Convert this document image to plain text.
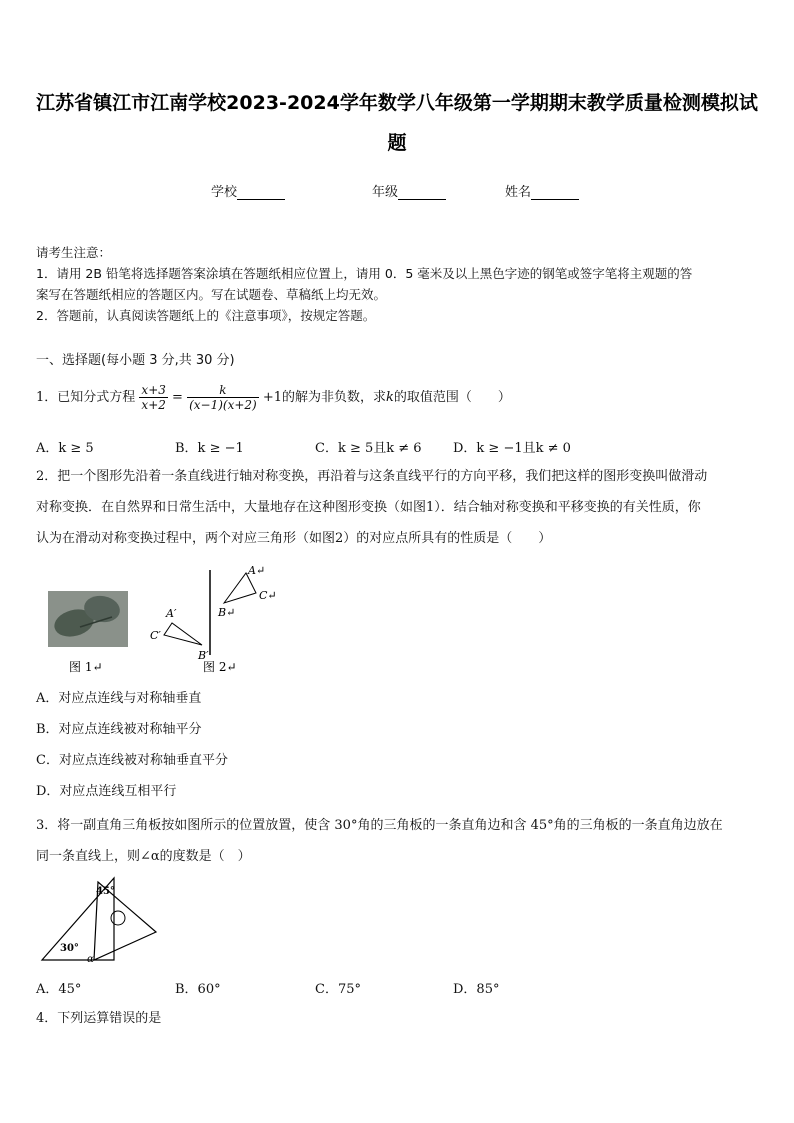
江苏省镇江市江南学校2023-2024学年数学八年级第一学期期末教学质量检测模拟试
题
学校	年级	姓名
请考生注意：
1．请用 2B 铅笔将选择题答案涂填在答题纸相应位置上，请用 0．5 毫米及以上黑色字迹的钢笔或签字笔将主观题的答
案写在答题纸相应的答题区内。写在试题卷、草稿纸上均无效。
2．答题前，认真阅读答题纸上的《注意事项》，按规定答题。
一、选择题(每小题 3 分,共 30 分)
1．已知分式方程 $\frac{x+3}{x+2} = \frac{k}{(x-1)(x+2)} +1$的解为非负数，求k的取值范围（　　）
A．k ≥ 5	B．k ≥ −1	C．k ≥ 5且k ≠ 6 D．k ≥ −1且k ≠ 0
2．把一个图形先沿着一条直线进行轴对称变换，再沿着与这条直线平行的方向平移，我们把这样的图形变换叫做滑动
对称变换．在自然界和日常生活中，大量地存在这种图形变换（如图1）．结合轴对称变换和平移变换的有关性质，你
认为在滑动对称变换过程中，两个对应三角形（如图2）的对应点所具有的性质是（　　）
A′
C′
B′
A↵
C↵
B↵
图 1↵	图 2↵
A．对应点连线与对称轴垂直
B．对应点连线被对称轴平分
C．对应点连线被对称轴垂直平分
D．对应点连线互相平行
3．将一副直角三角板按如图所示的位置放置，使含 30°角的三角板的一条直角边和含 45°角的三角板的一条直角边放在
同一条直线上，则∠α的度数是（　）
45°
30°
α
A．45°	B．60°	C．75°	D．85°
4．下列运算错误的是
